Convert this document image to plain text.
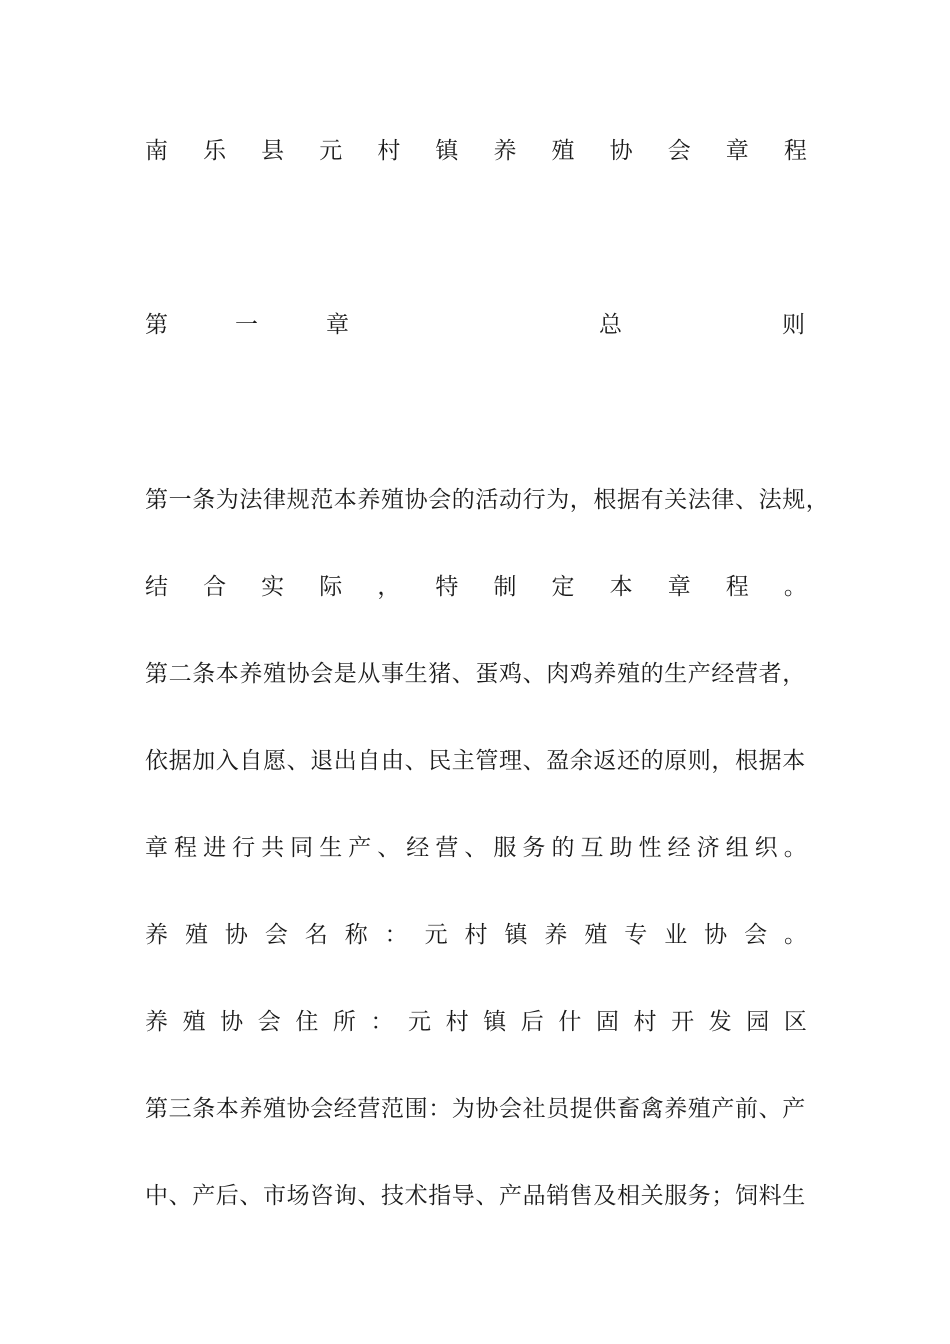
南 乐 县 元 村 镇 养 殖 协 会 章 程
第	一	章	总	则
第一条为法律规范本养殖协会的活动行为，根据有关法律、法规，
结 合 实 际 ， 特 制 定 本 章 程 。
第二条本养殖协会是从事生猪、蛋鸡、肉鸡养殖的生产经营者，
依据加入自愿、退出自由、民主管理、盈余返还的原则，根据本
章 程 进 行 共 同 生 产 、 经 营 、 服 务 的 互 助 性 经 济 组 织 。
养 殖 协 会 名 称 ： 元 村 镇 养 殖 专 业 协 会 。
养 殖 协 会 住 所 ： 元 村 镇 后 什 固 村 开 发 园 区
第三条本养殖协会经营范围：为协会社员提供畜禽养殖产前、产
中、产后、市场咨询、技术指导、产品销售及相关服务；饲料生
